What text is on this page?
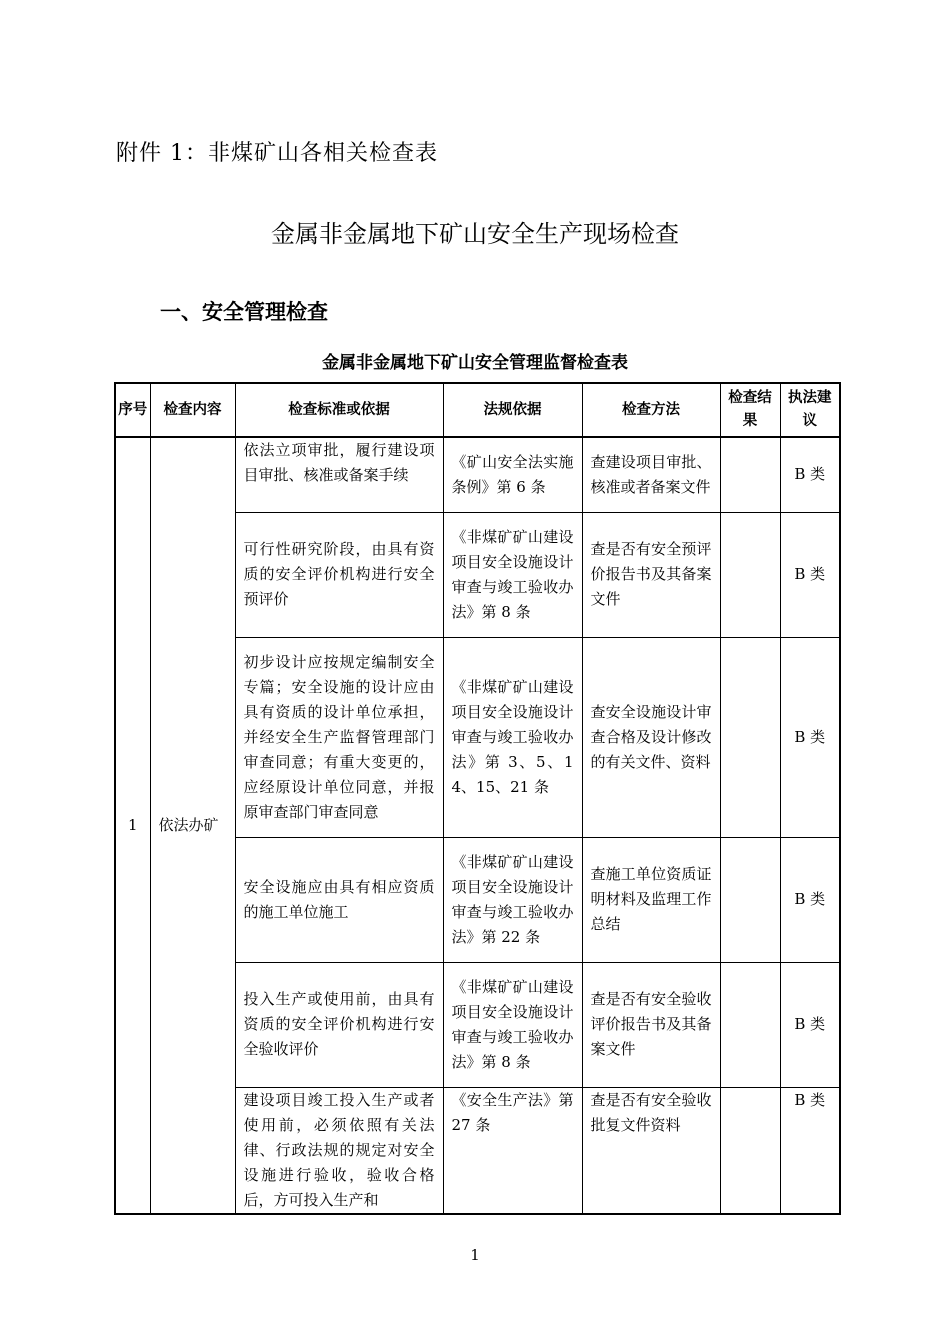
附件 1：非煤矿山各相关检查表
金属非金属地下矿山安全生产现场检查
一、安全管理检查
金属非金属地下矿山安全管理监督检查表
序号	检查内容	检查标准或依据	法规依据	检查方法	检查结果	执法建议
1	依法办矿	依法立项审批，履行建设项目审批、核准或备案手续	《矿山安全法实施条例》第 6 条	查建设项目审批、核准或者备案文件		B 类
		可行性研究阶段，由具有资质的安全评价机构进行安全预评价	《非煤矿矿山建设项目安全设施设计审查与竣工验收办法》第 8 条	查是否有安全预评价报告书及其备案文件		B 类
		初步设计应按规定编制安全专篇；安全设施的设计应由具有资质的设计单位承担，并经安全生产监督管理部门审查同意；有重大变更的，应经原设计单位同意，并报原审查部门审查同意	《非煤矿矿山建设项目安全设施设计审查与竣工验收办法》第 3、5、14、15、21 条	查安全设施设计审查合格及设计修改的有关文件、资料		B 类
		安全设施应由具有相应资质的施工单位施工	《非煤矿矿山建设项目安全设施设计审查与竣工验收办法》第 22 条	查施工单位资质证明材料及监理工作总结		B 类
		投入生产或使用前，由具有资质的安全评价机构进行安全验收评价	《非煤矿矿山建设项目安全设施设计审查与竣工验收办法》第 8 条	查是否有安全验收评价报告书及其备案文件		B 类
		建设项目竣工投入生产或者使用前，必须依照有关法律、行政法规的规定对安全设施进行验收，验收合格后，方可投入生产和	《安全生产法》第 27 条	查是否有安全验收批复文件资料		B 类
1
